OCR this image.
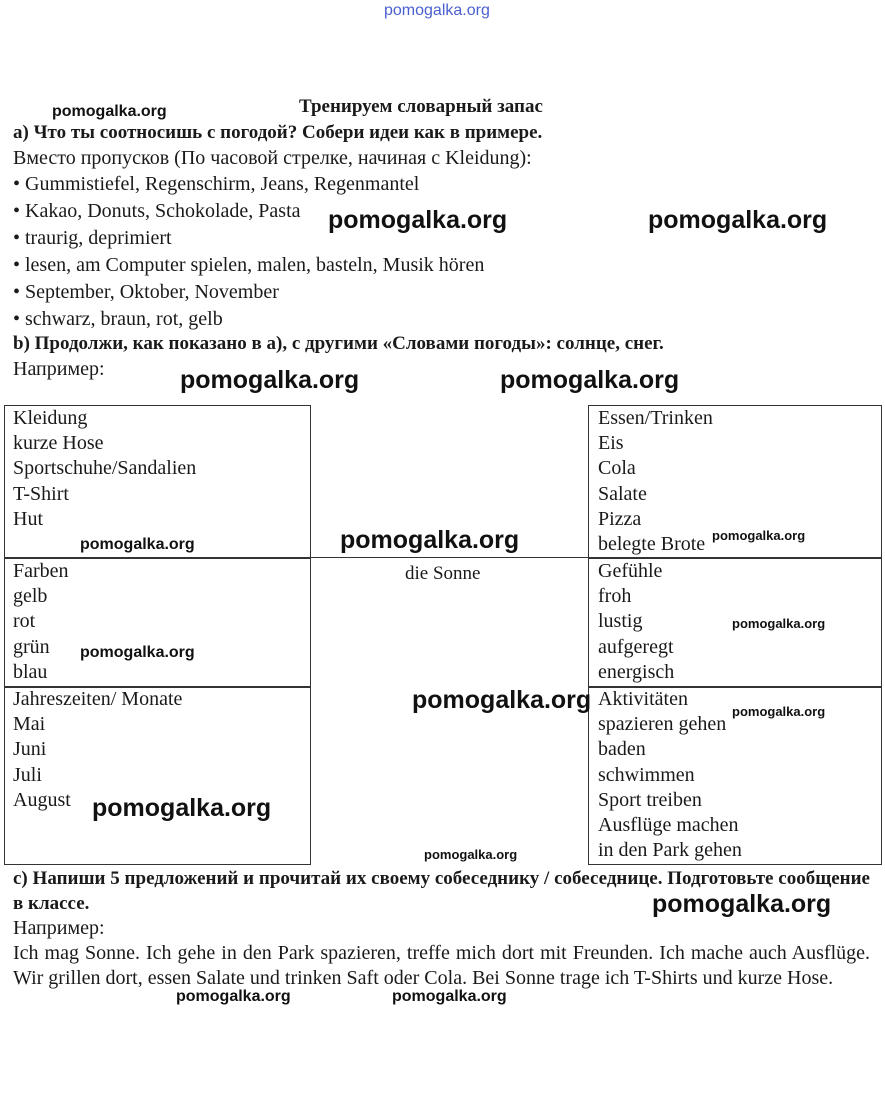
pomogalka.org
Тренируем словарный запас
a) Что ты соотносишь с погодой? Собери идеи как в примере.
Вместо пропусков (По часовой стрелке, начиная с Kleidung):
• Gummistiefel, Regenschirm, Jeans, Regenmantel
• Kakao, Donuts, Schokolade, Pasta
• traurig, deprimiert
• lesen, am Computer spielen, malen, basteln, Musik hören
• September, Oktober, November
• schwarz, braun, rot, gelb
b) Продолжи, как показано в a), с другими «Словами погоды»: солнце, снег.
Например:
Kleidung
kurze Hose
Sportschuhe/Sandalien
T-Shirt
Hut
Farben
gelb
rot
grün
blau
Jahreszeiten/ Monate
Mai
Juni
Juli
August
Essen/Trinken
Eis
Cola
Salate
Pizza
belegte Brote
Gefühle
froh
lustig
aufgeregt
energisch
Aktivitäten
spazieren gehen
baden
schwimmen
Sport treiben
Ausflüge machen
in den Park gehen
die Sonne
c) Напиши 5 предложений и прочитай их своему собеседнику / собеседнице. Подготовьте сообщение в классе.
Например:
Ich mag Sonne. Ich gehe in den Park spazieren, treffe mich dort mit Freunden. Ich mache auch Ausflüge. Wir grillen dort, essen Salate und trinken Saft oder Cola. Bei Sonne trage ich T-Shirts und kurze Hose.
pomogalka.org
pomogalka.org	pomogalka.org
pomogalka.org	pomogalka.org
pomogalka.org	pomogalka.org	pomogalka.org
pomogalka.org
pomogalka.org
pomogalka.org	pomogalka.org
pomogalka.org
pomogalka.org
pomogalka.org
pomogalka.org	pomogalka.org
